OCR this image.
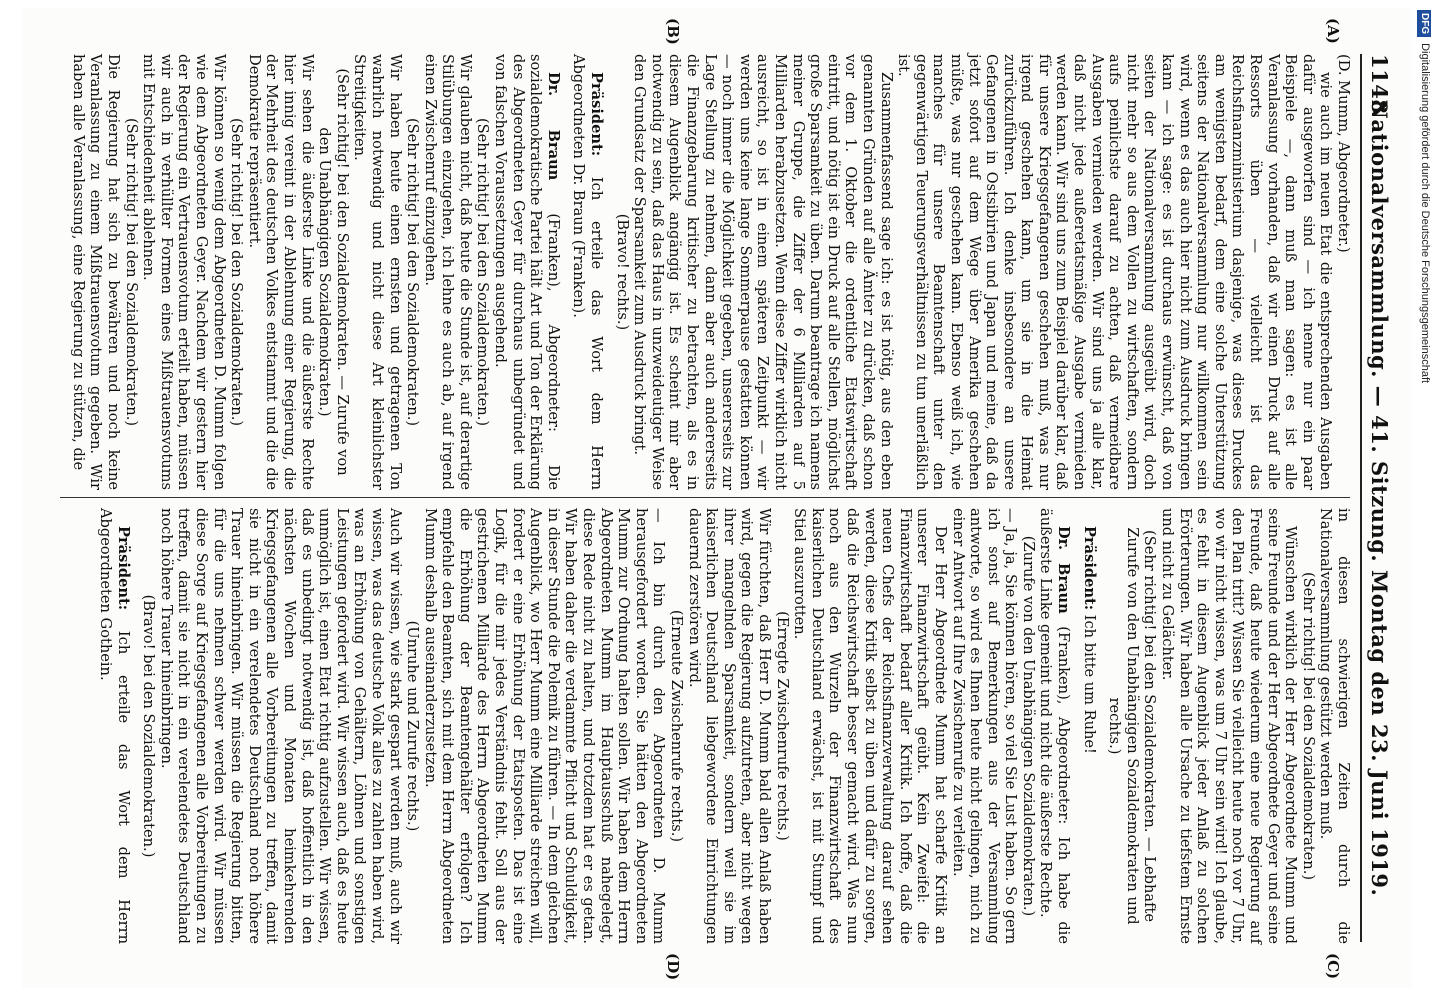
1148
Nationalversammlung. — 41. Sitzung. Montag den 23. Juni 1919.
(A)
(B)
(C)
(D)

(D. Mumm, Abgeordneter.)

wie auch im neuen Etat die entsprechenden Ausgaben dafür ausgeworfen sind — ich nenne nur ein paar Beispiele —, dann muß man sagen: es ist alle Veranlassung vorhanden, daß wir einen Druck auf alle Ressorts üben — vielleicht ist das Reichsfinanzministerium dasjenige, was dieses Druckes am wenigsten bedarf, dem eine solche Unterstützung seitens der Nationalversammlung nur willkommen sein wird, wenn es das auch hier nicht zum Ausdruck bringen kann — ich sage: es ist durchaus erwünscht, daß von seiten der Nationalversammlung ausgeübt wird, doch nicht mehr so aus dem Vollen zu wirtschaften, sondern aufs peinlichste darauf zu achten, daß vermeidbare Ausgaben vermieden werden. Wir sind uns ja alle klar, daß nicht jede außeretatsmäßige Ausgabe vermieden werden kann. Wir sind uns zum Beispiel darüber klar, daß für unsere Kriegsgefangenen geschehen muß, was nur irgend geschehen kann, um sie in die Heimat zurückzuführen. Ich denke insbesondere an unsere Gefangenen in Ostsibirien und Japan und meine, daß da jetzt sofort auf dem Wege über Amerika geschehen müßte, was nur geschehen kann. Ebenso weiß ich, wie manches für unsere Beamtenschaft unter den gegenwärtigen Teuerungsverhältnissen zu tun unerläßlich ist.

Zusammenfassend sage ich: es ist nötig, aus den eben genannten Gründen auf alle Ämter zu drücken, daß schon vor dem 1. Oktober die ordentliche Etatswirtschaft eintritt, und nötig ist ein Druck auf alle Stellen, möglichst große Sparsamkeit zu üben. Darum beantrage ich namens meiner Gruppe, die Ziffer der 6 Milliarden auf 5 Milliarden herabzusetzen. Wenn diese Ziffer wirklich nicht ausreicht, so ist in einem späteren Zeitpunkt — wir werden uns keine lange Sommerpause gestatten können — noch immer die Möglichkeit gegeben, unsererseits zur Lage Stellung zu nehmen, dann aber auch andererseits die Finanzgebarung kritischer zu betrachten, als es in diesem Augenblick angängig ist. Es scheint mir aber notwendig zu sein, daß das Haus in unzweideutiger Weise den Grundsatz der Sparsamkeit zum Ausdruck bringt.

(Bravo! rechts.)

Präsident: Ich erteile das Wort dem Herrn Abgeordneten Dr. Braun (Franken).

Dr. Braun (Franken), Abgeordneter: Die sozialdemokratische Partei hält Art und Ton der Erklärung des Abgeordneten Geyer für durchaus unbegründet und von falschen Voraussetzungen ausgehend.

(Sehr richtig! bei den Sozialdemokraten.)

Wir glauben nicht, daß heute die Stunde ist, auf derartige Stilübungen einzugehen, ich lehne es auch ab, auf irgend einen Zwischenruf einzugehen.

(Sehr richtig! bei den Sozialdemokraten.)

Wir haben heute einen ernsten und getragenen Ton wahrlich notwendig und nicht diese Art kleinlichster Streitigkeiten.

(Sehr richtig! bei den Sozialdemokraten. — Zurufe von den Unabhängigen Sozialdemokraten.)

Wir sehen die äußerste Linke und die äußerste Rechte hier innig vereint in der Ablehnung einer Regierung, die der Mehrheit des deutschen Volkes entstammt und die die Demokratie repräsentiert.

(Sehr richtig! bei den Sozialdemokraten.)

Wir können so wenig dem Abgeordneten D. Mumm folgen wie dem Abgeordneten Geyer. Nachdem wir gestern hier der Regierung ein Vertrauensvotum erteilt haben, müssen wir auch in verhüllter Formen eines Mißtrauensvotums mit Entschiedenheit ablehnen.

(Sehr richtig! bei den Sozialdemokraten.)

Die Regierung hat sich zu bewähren und noch keine Veranlassung zu einem Mißtrauensvotum gegeben. Wir haben alle Veranlassung, eine Regierung zu stützen, die

in diesen schwierigen Zeiten durch die Nationalversammlung gestützt werden muß.

(Sehr richtig! bei den Sozialdemokraten.)

Wünschen wirklich der Herr Abgeordnete Mumm und seine Freunde und der Herr Abgeordnete Geyer und seine Freunde, daß heute wiederum eine neue Regierung auf den Plan tritt? Wissen Sie vielleicht heute noch vor 7 Uhr, wo wir nicht wissen, was um 7 Uhr sein wird! Ich glaube, es fehlt in diesem Augenblick jeder Anlaß zu solchen Erörterungen. Wir haben alle Ursache zu tiefstem Ernste und nicht zu Gelächter.

(Sehr richtig! bei den Sozialdemokraten. — Lebhafte Zurufe von den Unabhängigen Sozialdemokraten und rechts.)

Präsident: Ich bitte um Ruhe!

Dr. Braun (Franken), Abgeordneter: Ich habe die äußerste Linke gemeint und nicht die äußerste Rechte.

(Zurufe von den Unabhängigen Sozialdemokraten.)

— Ja, ja, Sie können hören, so viel Sie Lust haben. So gern ich sonst auf Bemerkungen aus der Versammlung antworte, so wird es Ihnen heute nicht gelingen, mich zu einer Antwort auf Ihre Zwischenrufe zu verleiten.

Der Herr Abgeordnete Mumm hat scharfe Kritik an unserer Finanzwirtschaft geübt. Kein Zweifel: die Finanzwirtschaft bedarf aller Kritik. Ich hoffe, daß die neuen Chefs der Reichsfinanzverwaltung darauf sehen werden, diese Kritik selbst zu üben und dafür zu sorgen, daß die Reichswirtschaft besser gemacht wird. Was nun noch aus den Wurzeln der Finanzwirtschaft des kaiserlichen Deutschland erwächst, ist mit Stumpf und Stiel auszurotten.

(Erregte Zwischenrufe rechts.)

Wir fürchten, daß Herr D. Mumm bald allen Anlaß haben wird, gegen die Regierung aufzutreten, aber nicht wegen ihrer mangelnden Sparsamkeit, sondern weil sie im kaiserlichen Deutschland liebgewordene Einrichtungen dauernd zerstören wird.

(Erneute Zwischenrufe rechts.)

— Ich bin durch den Abgeordneten D. Mumm herausgefordert worden. Sie hätten den Abgeordneten Mumm zur Ordnung halten sollen. Wir haben dem Herrn Abgeordneten Mumm im Hauptausschuß nahegelegt, diese Rede nicht zu halten, und trotzdem hat er es getan. Wir haben daher die verdammte Pflicht und Schuldigkeit, in dieser Stunde die Polemik zu führen. — In dem gleichen Augenblick, wo Herr Mumm eine Milliarde streichen will, fordert er eine Erhöhung der Etatsposten. Das ist eine Logik, für die mir jedes Verständnis fehlt. Soll aus der gestrichenen Milliarde des Herrn Abgeordneten Mumm die Erhöhung der Beamtengehälter erfolgen? Ich empfehle den Beamten, sich mit dem Herrn Abgeordneten Mumm deshalb auseinanderzusetzen.

(Unruhe und Zurufe rechts.)

Auch wir wissen, wie stark gespart werden muß, auch wir wissen, was das deutsche Volk alles zu zahlen haben wird, was an Erhöhung von Gehältern, Löhnen und sonstigen Leistungen gefordert wird. Wir wissen auch, daß es heute unmöglich ist, einen Etat richtig aufzustellen. Wir wissen, daß es unbedingt notwendig ist, daß hoffentlich in den nächsten Wochen und Monaten heimkehrenden Kriegsgefangenen alle Vorbereitungen zu treffen, damit sie nicht in ein verelendetes Deutschland noch höhere Trauer hineinbringen. Wir müssen die Regierung bitten, für die uns nehmen schwer werden wird. Wir müssen diese Sorge auf Kriegsgefangenen alle Vorbereitungen zu treffen, damit sie nicht in ein verelendetes Deutschland noch höhere Trauer hineinbringen.

(Bravo! bei den Sozialdemokraten.)

Präsident: Ich erteile das Wort dem Herrn Abgeordneten Gothein.

DFGDigitalisierung gefördert durch die Deutsche Forschungsgemeinschaft
